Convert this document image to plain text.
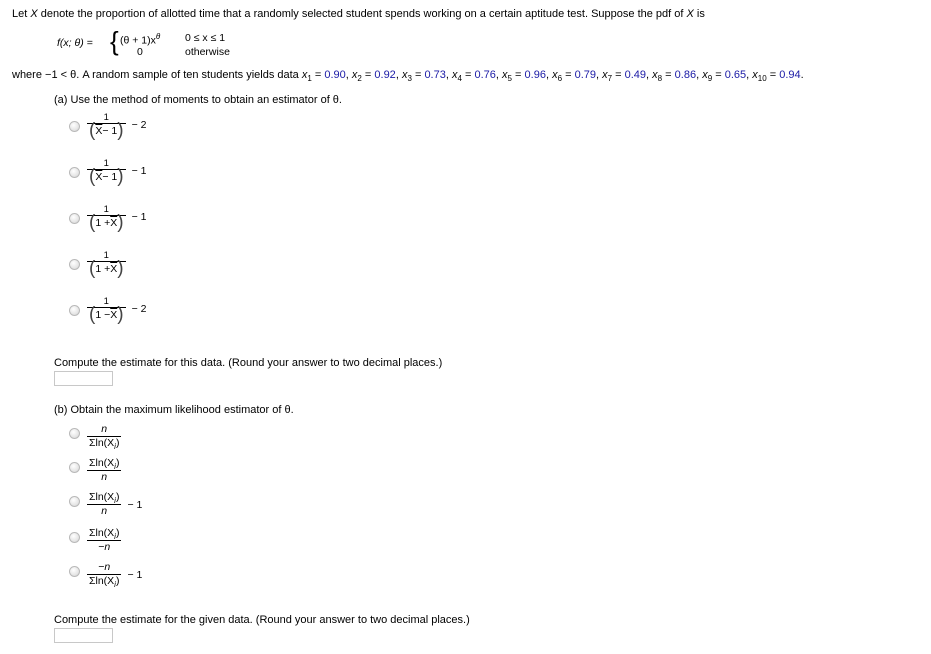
Let X denote the proportion of allotted time that a randomly selected student spends working on a certain aptitude test. Suppose the pdf of X is
f(x; θ) = { $(\theta + 1)x^\theta$ 0 ≤ x ≤ 1
0	otherwise
where −1 < θ. A random sample of ten students yields data $x_1 = 0.90$, $x_2 = 0.92$, $x_3 = 0.73$, $x_4 = 0.76$, $x_5 = 0.96$, $x_6 = 0.79$, $x_7 = 0.49$, $x_8 = 0.86$, $x_9 = 0.65$, $x_{10} = 0.94$.
(a) Use the method of moments to obtain an estimator of θ.
$\frac{1}{( \overline{X} - 1 )} - 2$
$\frac{1}{( \overline{X} - 1 )} - 1$
$\frac{1}{( 1 + \overline{X} )} - 1$
$\frac{1}{( 1 + \overline{X} )}$
$\frac{1}{( 1 - \overline{X} )} - 2$
Compute the estimate for this data. (Round your answer to two decimal places.)
(b) Obtain the maximum likelihood estimator of θ.
n
$\Sigma\ln(X_i)$
$\Sigma\ln(X_i)$
n
$\Sigma\ln(X_i)$
n
− 1
$\Sigma\ln(X_i)$
−n
−n
$\Sigma\ln(X_i)$
− 1
Compute the estimate for the given data. (Round your answer to two decimal places.)
